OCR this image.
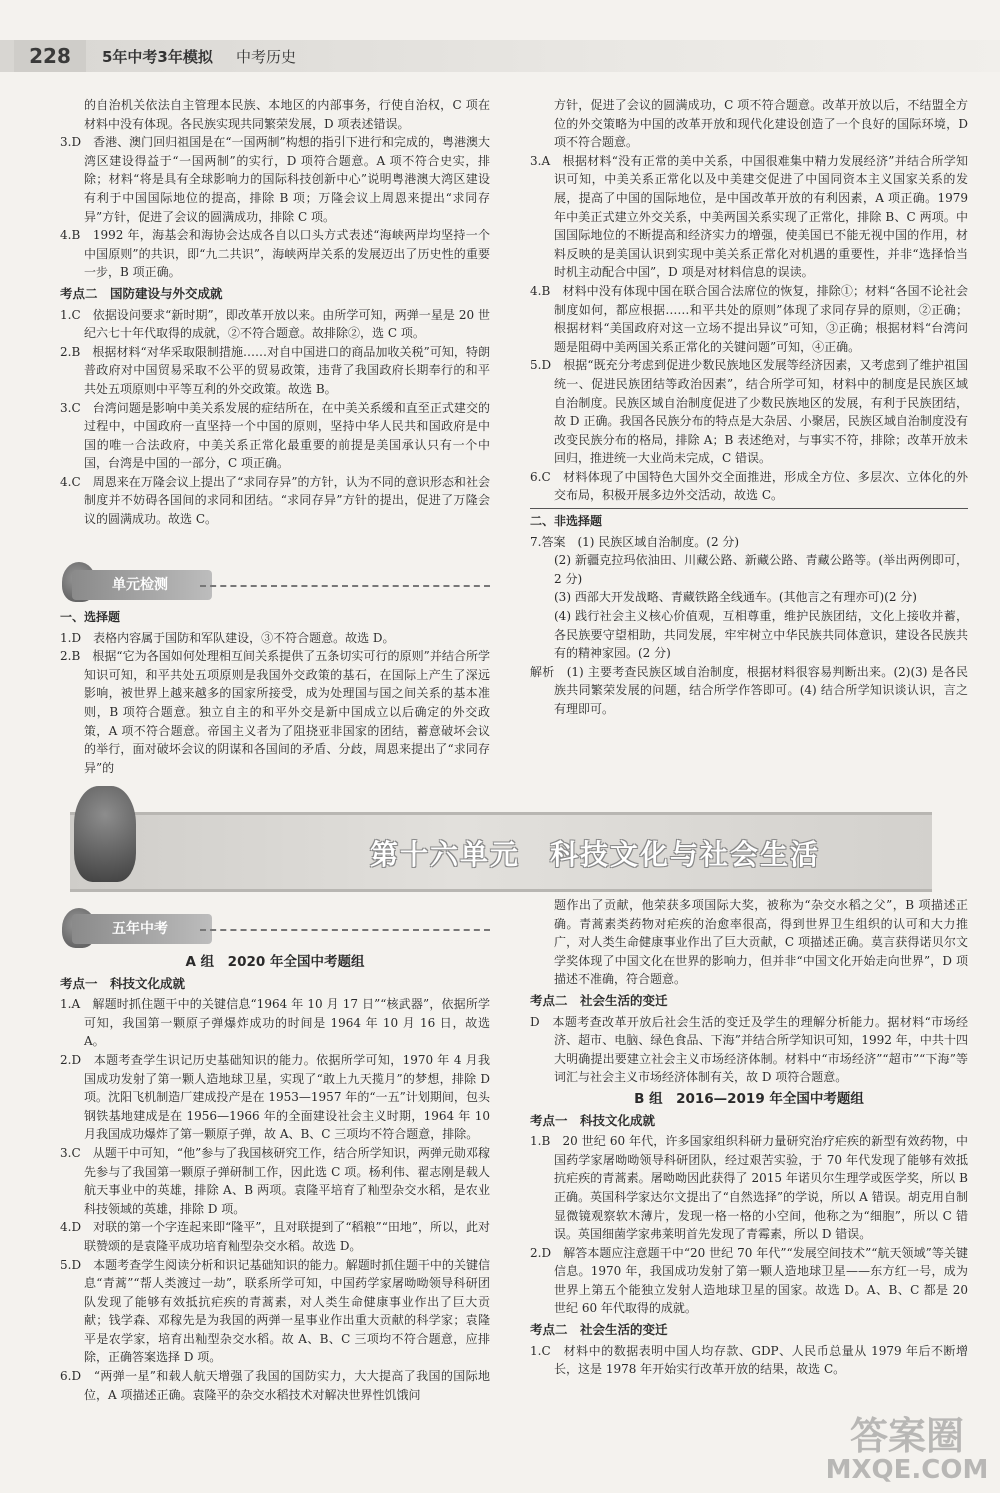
228	5年中考3年模拟 中考历史

的自治机关依法自主管理本民族、本地区的内部事务，行使自治权，C 项在材料中没有体现。各民族实现共同繁荣发展，D 项表述错误。

3.D　香港、澳门回归祖国是在“一国两制”构想的指引下进行和完成的，粤港澳大湾区建设得益于“一国两制”的实行，D 项符合题意。A 项不符合史实，排除；材料“将是具有全球影响力的国际科技创新中心”说明粤港澳大湾区建设有利于中国国际地位的提高，排除 B 项；万隆会议上周恩来提出“求同存异”方针，促进了会议的圆满成功，排除 C 项。

4.B　1992 年，海基会和海协会达成各自以口头方式表述“海峡两岸均坚持一个中国原则”的共识，即“九二共识”，海峡两岸关系的发展迈出了历史性的重要一步，B 项正确。

考点二　国防建设与外交成就

1.C　依据设问要求“新时期”，即改革开放以来。由所学可知，两弹一星是 20 世纪六七十年代取得的成就，②不符合题意。故排除②，选 C 项。

2.B　根据材料“对华采取限制措施……对自中国进口的商品加收关税”可知，特朗普政府对中国贸易采取不公平的贸易政策，违背了我国政府长期奉行的和平共处五项原则中平等互利的外交政策。故选 B。

3.C　台湾问题是影响中美关系发展的症结所在，在中美关系缓和直至正式建交的过程中，中国政府一直坚持一个中国的原则，坚持中华人民共和国政府是中国的唯一合法政府，中美关系正常化最重要的前提是美国承认只有一个中国，台湾是中国的一部分，C 项正确。

4.C　周恩来在万隆会议上提出了“求同存异”的方针，认为不同的意识形态和社会制度并不妨碍各国间的求同和团结。“求同存异”方针的提出，促进了万隆会议的圆满成功。故选 C。

单元检测

一、选择题

1.D　表格内容属于国防和军队建设，③不符合题意。故选 D。

2.B　根据“它为各国如何处理相互间关系提供了五条切实可行的原则”并结合所学知识可知，和平共处五项原则是我国外交政策的基石，在国际上产生了深远影响，被世界上越来越多的国家所接受，成为处理国与国之间关系的基本准则，B 项符合题意。独立自主的和平外交是新中国成立以后确定的外交政策，A 项不符合题意。帝国主义者为了阻挠亚非国家的团结，蓄意破坏会议的举行，面对破坏会议的阴谋和各国间的矛盾、分歧，周恩来提出了“求同存异”的

方针，促进了会议的圆满成功，C 项不符合题意。改革开放以后，不结盟全方位的外交策略为中国的改革开放和现代化建设创造了一个良好的国际环境，D 项不符合题意。

3.A　根据材料“没有正常的美中关系，中国很难集中精力发展经济”并结合所学知识可知，中美关系正常化以及中美建交促进了中国同资本主义国家关系的发展，提高了中国的国际地位，是中国改革开放的有利因素，A 项正确。1979 年中美正式建立外交关系，中美两国关系实现了正常化，排除 B、C 两项。中国国际地位的不断提高和经济实力的增强，使美国已不能无视中国的作用，材料反映的是美国认识到实现中美关系正常化对机遇的重要性，并非“选择恰当时机主动配合中国”，D 项是对材料信息的误读。

4.B　材料中没有体现中国在联合国合法席位的恢复，排除①；材料“各国不论社会制度如何，都应根据……和平共处的原则”体现了求同存异的原则，②正确；根据材料“美国政府对这一立场不提出异议”可知，③正确；根据材料“台湾问题是阻碍中美两国关系正常化的关键问题”可知，④正确。

5.D　根据“既充分考虑到促进少数民族地区发展等经济因素，又考虑到了维护祖国统一、促进民族团结等政治因素”，结合所学可知，材料中的制度是民族区域自治制度。民族区域自治制度促进了少数民族地区的发展，有利于民族团结，故 D 正确。我国各民族分布的特点是大杂居、小聚居，民族区域自治制度没有改变民族分布的格局，排除 A；B 表述绝对，与事实不符，排除；改革开放未回归，推进统一大业尚未完成，C 错误。

6.C　材料体现了中国特色大国外交全面推进，形成全方位、多层次、立体化的外交布局，积极开展多边外交活动，故选 C。

二、非选择题

7.答案　(1) 民族区域自治制度。(2 分)

(2) 新疆克拉玛依油田、川藏公路、新藏公路、青藏公路等。(举出两例即可，2 分)

(3) 西部大开发战略、青藏铁路全线通车。(其他言之有理亦可)(2 分)

(4) 践行社会主义核心价值观，互相尊重，维护民族团结，文化上接收并蓄，各民族要守望相助，共同发展，牢牢树立中华民族共同体意识，建设各民族共有的精神家园。(2 分)

解析　(1) 主要考查民族区域自治制度，根据材料很容易判断出来。(2)(3) 是各民族共同繁荣发展的问题，结合所学作答即可。(4) 结合所学知识谈认识，言之有理即可。

第十六单元　科技文化与社会生活
五年中考

A 组　2020 年全国中考题组

考点一　科技文化成就

1.A　解题时抓住题干中的关键信息“1964 年 10 月 17 日”“核武器”，依据所学可知，我国第一颗原子弹爆炸成功的时间是 1964 年 10 月 16 日，故选 A。

2.D　本题考查学生识记历史基础知识的能力。依据所学可知，1970 年 4 月我国成功发射了第一颗人造地球卫星，实现了“敢上九天揽月”的梦想，排除 D 项。沈阳飞机制造厂建成投产是在 1953—1957 年的“一五”计划期间，包头钢铁基地建成是在 1956—1966 年的全面建设社会主义时期，1964 年 10 月我国成功爆炸了第一颗原子弹，故 A、B、C 三项均不符合题意，排除。

3.C　从题干中可知，“他”参与了我国核研究工作，结合所学知识，两弹元勋邓稼先参与了我国第一颗原子弹研制工作，因此选 C 项。杨利伟、翟志刚是载人航天事业中的英雄，排除 A、B 两项。袁隆平培育了籼型杂交水稻，是农业科技领域的英雄，排除 D 项。

4.D　对联的第一个字连起来即“隆平”，且对联提到了“稻粮”“田地”，所以，此对联赞颂的是袁隆平成功培育籼型杂交水稻。故选 D。

5.D　本题考查学生阅读分析和识记基础知识的能力。解题时抓住题干中的关键信息“青蒿”“帮人类渡过一劫”，联系所学可知，中国药学家屠呦呦领导科研团队发现了能够有效抵抗疟疾的青蒿素，对人类生命健康事业作出了巨大贡献；钱学森、邓稼先是为我国的两弹一星事业作出重大贡献的科学家；袁隆平是农学家，培育出籼型杂交水稻。故 A、B、C 三项均不符合题意，应排除，正确答案选择 D 项。

6.D　“两弹一星”和载人航天增强了我国的国防实力，大大提高了我国的国际地位，A 项描述正确。袁隆平的杂交水稻技术对解决世界性饥饿问

题作出了贡献，他荣获多项国际大奖，被称为“杂交水稻之父”，B 项描述正确。青蒿素类药物对疟疾的治愈率很高，得到世界卫生组织的认可和大力推广，对人类生命健康事业作出了巨大贡献，C 项描述正确。莫言获得诺贝尔文学奖体现了中国文化在世界的影响力，但并非“中国文化开始走向世界”，D 项描述不准确，符合题意。

考点二　社会生活的变迁

D　本题考查改革开放后社会生活的变迁及学生的理解分析能力。据材料“市场经济、超市、电脑、绿色食品、下海”并结合所学知识可知，1992 年，中共十四大明确提出要建立社会主义市场经济体制。材料中“市场经济”“超市”“下海”等词汇与社会主义市场经济体制有关，故 D 项符合题意。

B 组　2016—2019 年全国中考题组

考点一　科技文化成就

1.B　20 世纪 60 年代，许多国家组织科研力量研究治疗疟疾的新型有效药物，中国药学家屠呦呦领导科研团队，经过艰苦实验，于 70 年代发现了能够有效抵抗疟疾的青蒿素。屠呦呦因此获得了 2015 年诺贝尔生理学或医学奖，所以 B 正确。英国科学家达尔文提出了“自然选择”的学说，所以 A 错误。胡克用自制显微镜观察软木薄片，发现一格一格的小空间，他称之为“细胞”，所以 C 错误。英国细菌学家弗莱明首先发现了青霉素，所以 D 错误。

2.D　解答本题应注意题干中“20 世纪 70 年代”“发展空间技术”“航天领域”等关键信息。1970 年，我国成功发射了第一颗人造地球卫星——东方红一号，成为世界上第五个能独立发射人造地球卫星的国家。故选 D。A、B、C 都是 20 世纪 60 年代取得的成就。

考点二　社会生活的变迁

1.C　材料中的数据表明中国人均存款、GDP、人民币总量从 1979 年后不断增长，这是 1978 年开始实行改革开放的结果，故选 C。

答案圈
MXQE.COM
